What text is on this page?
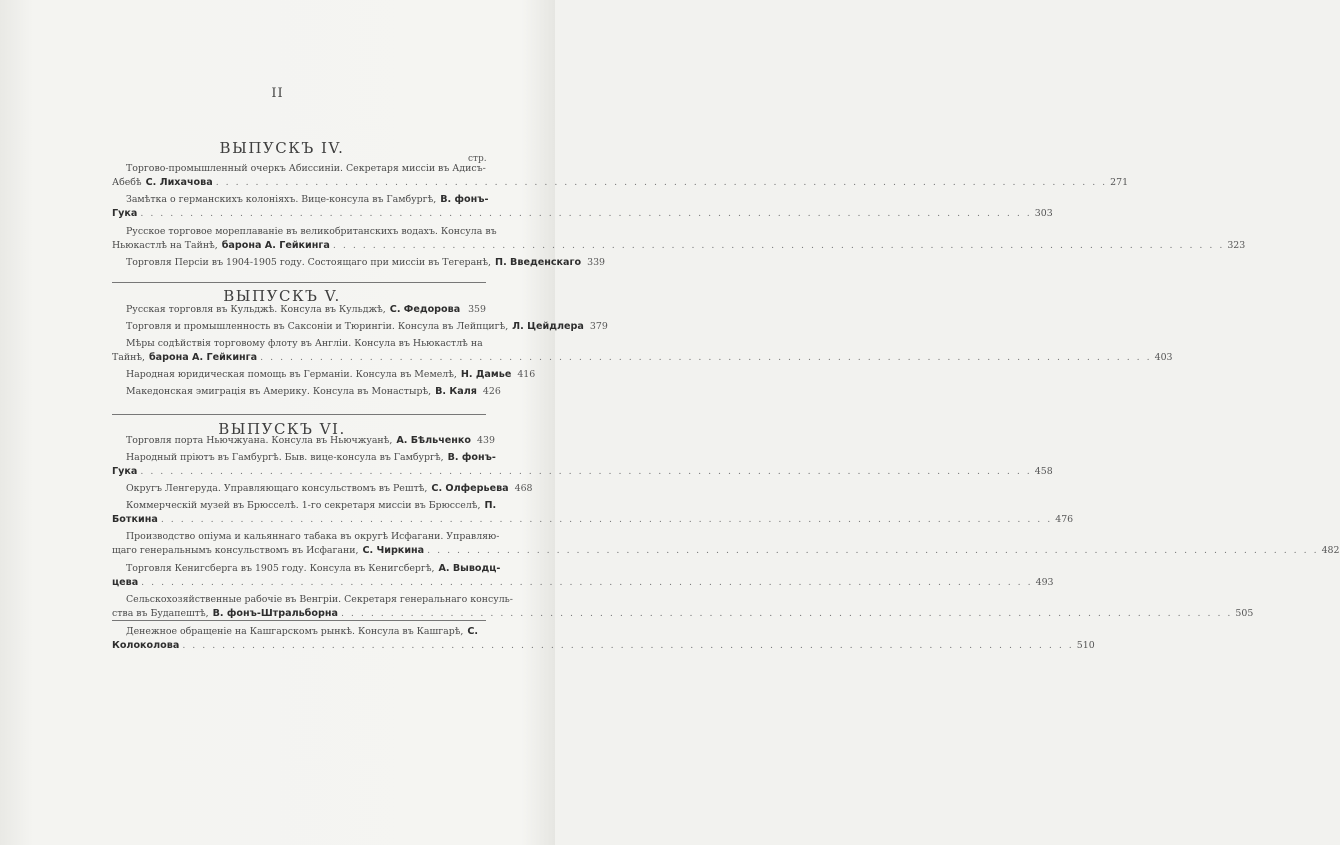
II
ВЫПУСКЪ IV.
стр.
Торгово-промышленный очеркъ Абиссиніи. Секретаря миссіи въ Адисъ-
Абебѣ С. Лихачова . . .	271
Замѣтка о германскихъ колоніяхъ. Вице-консула въ Гамбургѣ, В. фонъ-
Гука . . .	303
Русское торговое мореплаваніе въ великобританскихъ водахъ. Консула въ
Ньюкастлѣ на Тайнѣ, барона А. Гейкинга . . .	323
Торговля Персіи въ 1904-1905 году. Состоящаго при миссіи въ Тегеранѣ, П. Введенскаго 339
ВЫПУСКЪ V.
Русская торговля въ Кульджѣ. Консула въ Кульджѣ, С. Федорова 359
Торговля и промышленность въ Саксоніи и Тюрингіи. Консула въ Лейпцигѣ, Л. Цейдлера 379
Мѣры содѣйствія торговому флоту въ Англіи. Консула въ Ньюкастлѣ на
Тайнѣ, барона А. Гейкинга . . .	403
Народная юридическая помощь въ Германіи. Консула въ Мемелѣ, Н. Дамье 416
Македонская эмиграція въ Америку. Консула въ Монастырѣ, В. Каля 426
ВЫПУСКЪ VI.
Торговля порта Ньючжуана. Консула въ Ньючжуанѣ, А. Бѣльченко 439
Народный пріютъ въ Гамбургѣ. Быв. вице-консула въ Гамбургѣ, В. фонъ-
Гука . . .	458
Округъ Ленгеруда. Управляющаго консульствомъ въ Рештѣ, С. Олферьева 468
Коммерческій музей въ Брюсселѣ. 1-го секретаря миссіи въ Брюсселѣ, П.
Боткина . . .	476
Производство опіума и кальяннаго табака въ округѣ Исфагани. Управляю-
щаго генеральнымъ консульствомъ въ Исфагани, С. Чиркина . . .	482
Торговля Кенигсберга въ 1905 году. Консула въ Кенигсбергѣ, А. Выводц-
цева . . .	493
Сельскохозяйственные рабочіе въ Венгріи. Секретаря генеральнаго консуль-
ства въ Будапештѣ, В. фонъ-Штральборна . . .	505
Денежное обращеніе на Кашгарскомъ рынкѣ. Консула въ Кашгарѣ, С.
Колоколова . . .	510
